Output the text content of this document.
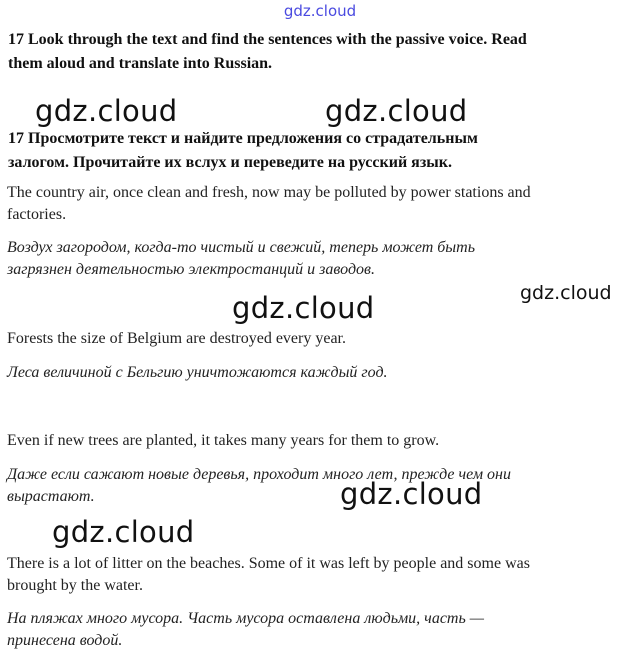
gdz.cloud
17 Look through the text and find the sentences with the passive voice. Read
them aloud and translate into Russian.
17 Просмотрите текст и найдите предложения со страдательным
залогом. Прочитайте их вслух и переведите на русский язык.
The country air, once clean and fresh, now may be polluted by power stations and
factories.
Воздух загородом, когда-то чистый и свежий, теперь может быть
загрязнен деятельностью электростанций и заводов.
Forests the size of Belgium are destroyed every year.
Леса величиной с Бельгию уничтожаются каждый год.
Even if new trees are planted, it takes many years for them to grow.
Даже если сажают новые деревья, проходит много лет, прежде чем они
вырастают.
There is a lot of litter on the beaches. Some of it was left by people and some was
brought by the water.
На пляжах много мусора. Часть мусора оставлена людьми, часть —
принесена водой.
gdz.cloud	gdz.cloud
gdz.cloud	gdz.cloud
gdz.cloud
gdz.cloud
